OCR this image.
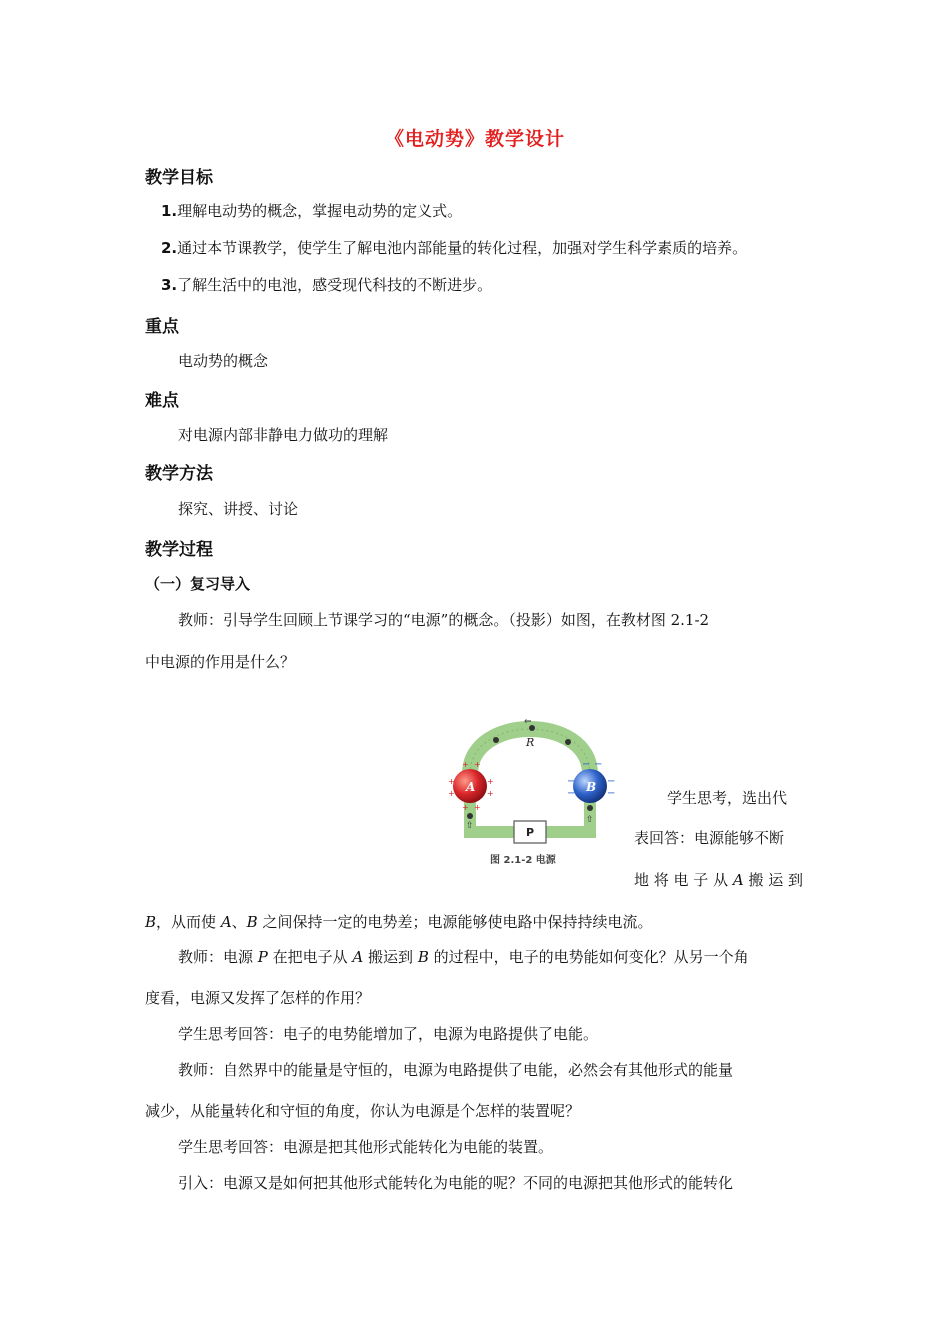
《电动势》教学设计
教学目标
1.理解电动势的概念，掌握电动势的定义式。
2.通过本节课教学，使学生了解电池内部能量的转化过程，加强对学生科学素质的培养。
3.了解生活中的电池，感受现代科技的不断进步。
重点
电动势的概念
难点
对电源内部非静电力做功的理解
教学方法
探究、讲授、讨论
教学过程
（一）复习导入
教师：引导学生回顾上节课学习的“电源”的概念。（投影）如图，在教材图 2.1-2
中电源的作用是什么？
⇐
⇧
⇧
R
A	B
+
+
+
+
+ +
+ +
−
−
−
−
− −
P
图 2.1-2 电源
学生思考，选出代
表回答：电源能够不断
地 将 电 子 从 A 搬 运 到
B，从而使 A、B 之间保持一定的电势差；电源能够使电路中保持持续电流。
教师：电源 P 在把电子从 A 搬运到 B 的过程中，电子的电势能如何变化？从另一个角
度看，电源又发挥了怎样的作用？
学生思考回答：电子的电势能增加了，电源为电路提供了电能。
教师：自然界中的能量是守恒的，电源为电路提供了电能，必然会有其他形式的能量
减少，从能量转化和守恒的角度，你认为电源是个怎样的装置呢？
学生思考回答：电源是把其他形式能转化为电能的装置。
引入：电源又是如何把其他形式能转化为电能的呢？不同的电源把其他形式的能转化
